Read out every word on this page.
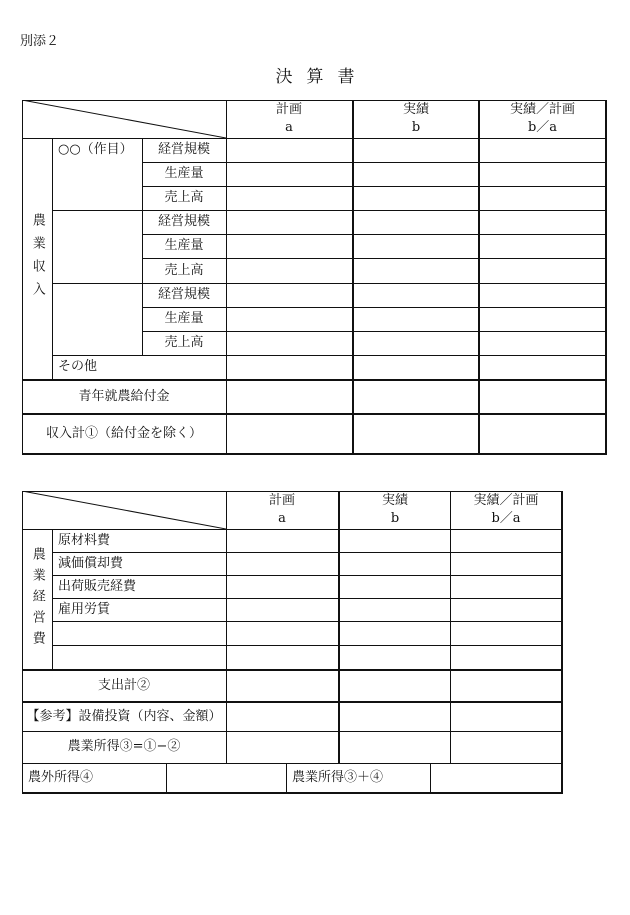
別添２
決 算 書
計画
a
実績
b
実績／計画
b／a
農業収入
○○（作目）	経営規模
生産量
売上高
経営規模
生産量
売上高
経営規模
生産量
売上高
その他
青年就農給付金
収入計①（給付金を除く）
計画
a
実績
b
実績／計画
b／a
農業経営費
原材料費
減価償却費
出荷販売経費
雇用労賃
支出計②
【参考】設備投資（内容、金額）
農業所得③=①−②
農外所得④	農業所得③＋④
